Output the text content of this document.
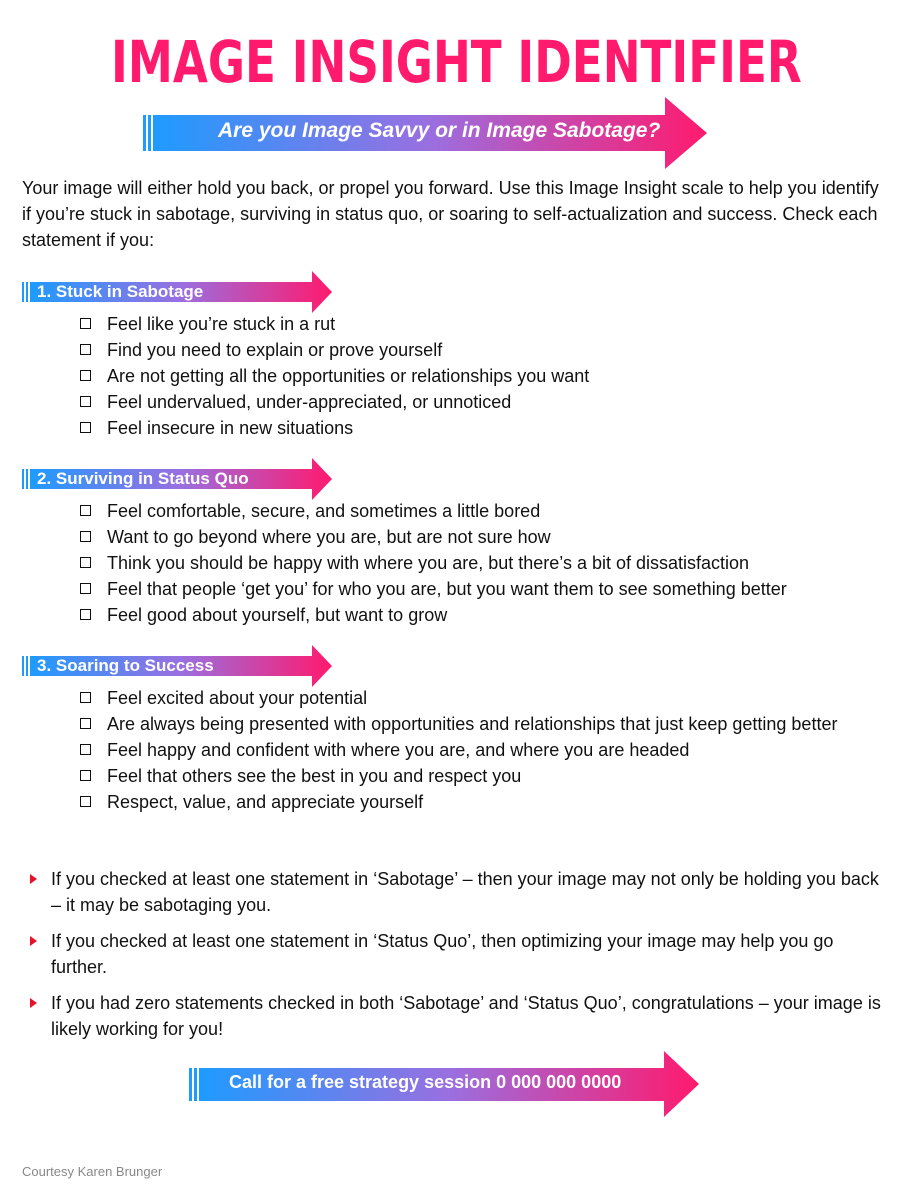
IMAGE INSIGHT IDENTIFIER
Are you Image Savvy or in Image Sabotage?
Your image will either hold you back, or propel you forward. Use this Image Insight scale to help you identify if you’re stuck in sabotage, surviving in status quo, or soaring to self-actualization and success. Check each statement if you:
1. Stuck in Sabotage
Feel like you’re stuck in a rut
Find you need to explain or prove yourself
Are not getting all the opportunities or relationships you want
Feel undervalued, under-appreciated, or unnoticed
Feel insecure in new situations
2. Surviving in Status Quo
Feel comfortable, secure, and sometimes a little bored
Want to go beyond where you are, but are not sure how
Think you should be happy with where you are, but there’s a bit of dissatisfaction
Feel that people ‘get you’ for who you are, but you want them to see something better
Feel good about yourself, but want to grow
3. Soaring to Success
Feel excited about your potential
Are always being presented with opportunities and relationships that just keep getting better
Feel happy and confident with where you are, and where you are headed
Feel that others see the best in you and respect you
Respect, value, and appreciate yourself
If you checked at least one statement in ‘Sabotage’ – then your image may not only be holding you back – it may be sabotaging you.
If you checked at least one statement in ‘Status Quo’, then optimizing your image may help you go further.
If you had zero statements checked in both ‘Sabotage’ and ‘Status Quo’, congratulations – your image is likely working for you!
Call for a free strategy session 0 000 000 0000
Courtesy Karen Brunger
